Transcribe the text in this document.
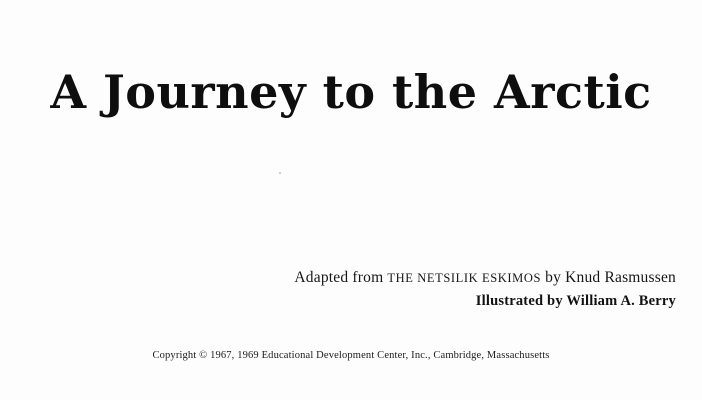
A Journey to the Arctic
Adapted from THE NETSILIK ESKIMOS by Knud Rasmussen
Illustrated by William A. Berry
Copyright © 1967, 1969 Educational Development Center, Inc., Cambridge, Massachusetts
